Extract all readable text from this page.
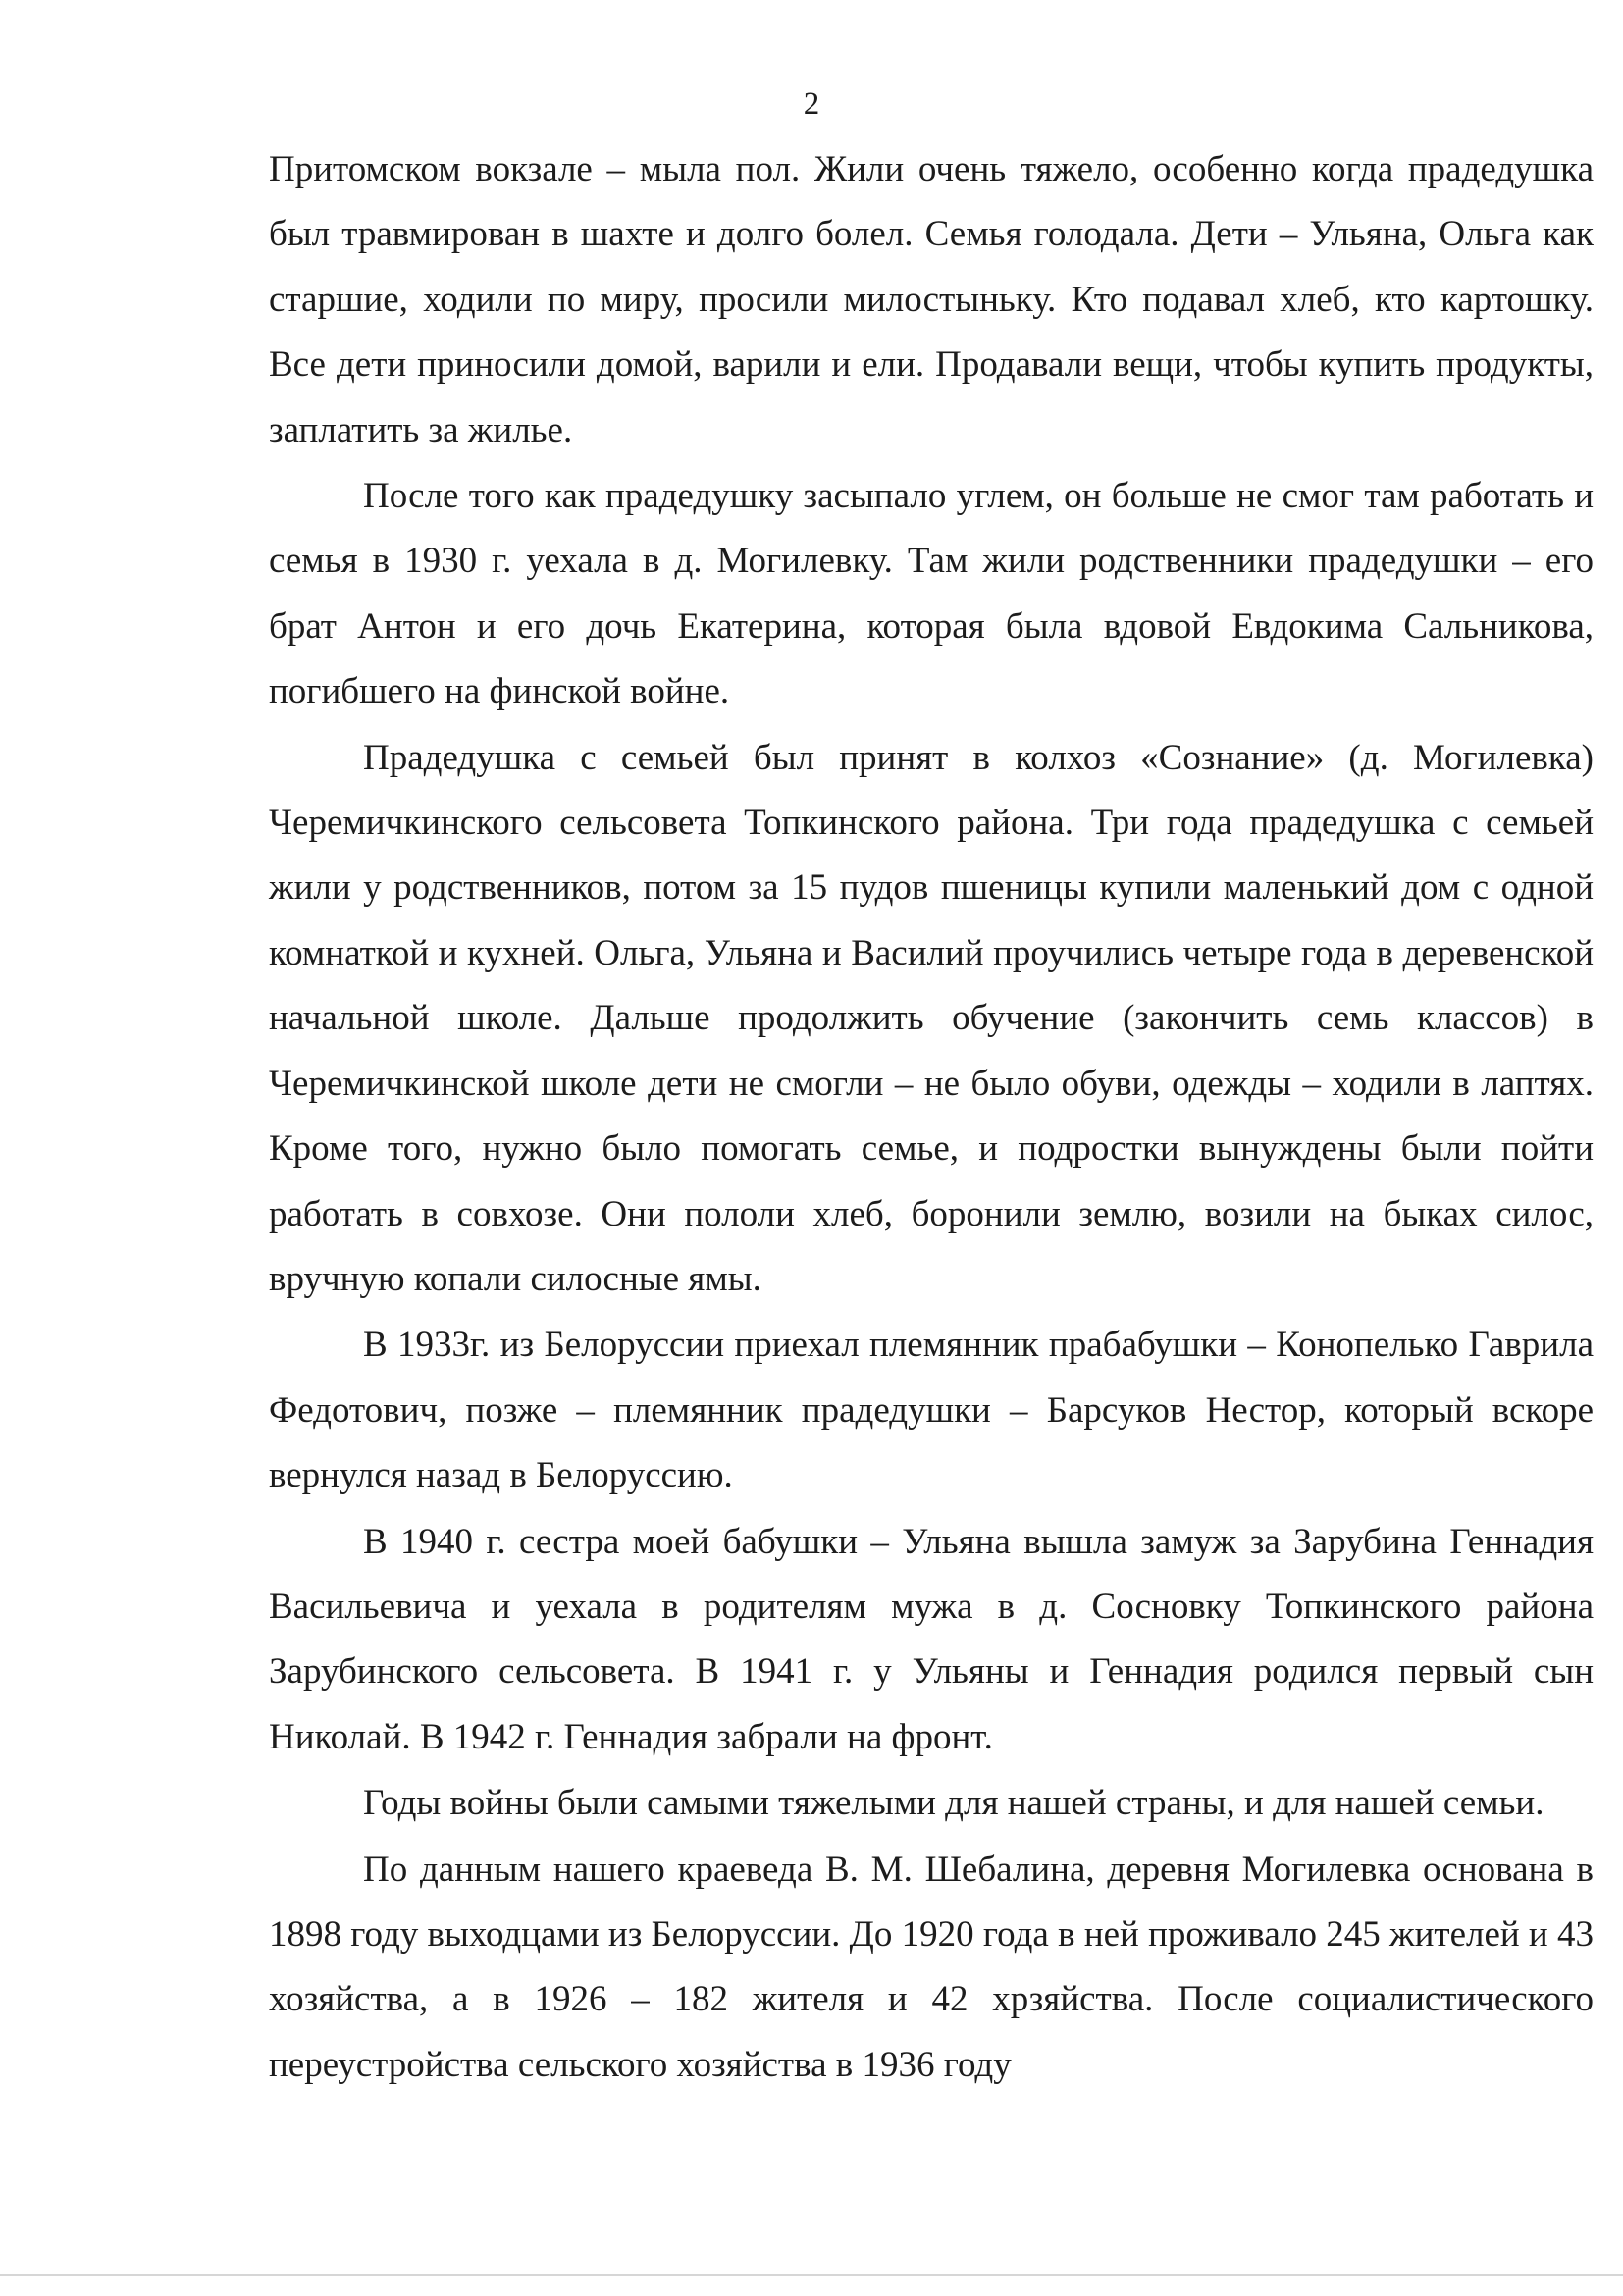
2

Притомском вокзале – мыла пол. Жили очень тяжело, особенно когда прадедушка был травмирован в шахте и долго болел. Семья голодала. Дети – Ульяна, Ольга как старшие, ходили по миру, просили милостыньку. Кто подавал хлеб, кто картошку. Все дети приносили домой, варили и ели. Продавали вещи, чтобы купить продукты, заплатить за жилье.

После того как прадедушку засыпало углем, он больше не смог там работать и семья в 1930 г. уехала в д. Могилевку. Там жили родственники прадедушки – его брат Антон и его дочь Екатерина, которая была вдовой Евдокима Сальникова, погибшего на финской войне.

Прадедушка с семьей был принят в колхоз «Сознание» (д. Могилевка) Черемичкинского сельсовета Топкинского района. Три года прадедушка с семьей жили у родственников, потом за 15 пудов пшеницы купили маленький дом с одной комнаткой и кухней. Ольга, Ульяна и Василий проучились четыре года в деревенской начальной школе. Дальше продолжить обучение (закончить семь классов) в Черемичкинской школе дети не смогли – не было обуви, одежды – ходили в лаптях. Кроме того, нужно было помогать семье, и подростки вынуждены были пойти работать в совхозе. Они пололи хлеб, боронили землю, возили на быках силос, вручную копали силосные ямы.

В 1933г. из Белоруссии приехал племянник прабабушки – Конопелько Гаврила Федотович, позже – племянник прадедушки – Барсуков Нестор, который вскоре вернулся назад в Белоруссию.

В 1940 г. сестра моей бабушки – Ульяна вышла замуж за Зарубина Геннадия Васильевича и уехала в родителям мужа в д. Сосновку Топкинского района Зарубинского сельсовета. В 1941 г. у Ульяны и Геннадия родился первый сын Николай. В 1942 г. Геннадия забрали на фронт.

Годы войны были самыми тяжелыми для нашей страны, и для нашей семьи.

По данным нашего краеведа В. М. Шебалина, деревня Могилевка основана в 1898 году выходцами из Белоруссии. До 1920 года в ней проживало 245 жителей и 43 хозяйства, а в 1926 – 182 жителя и 42 хрзяйства. После социалистического переустройства сельского хозяйства в 1936 году
